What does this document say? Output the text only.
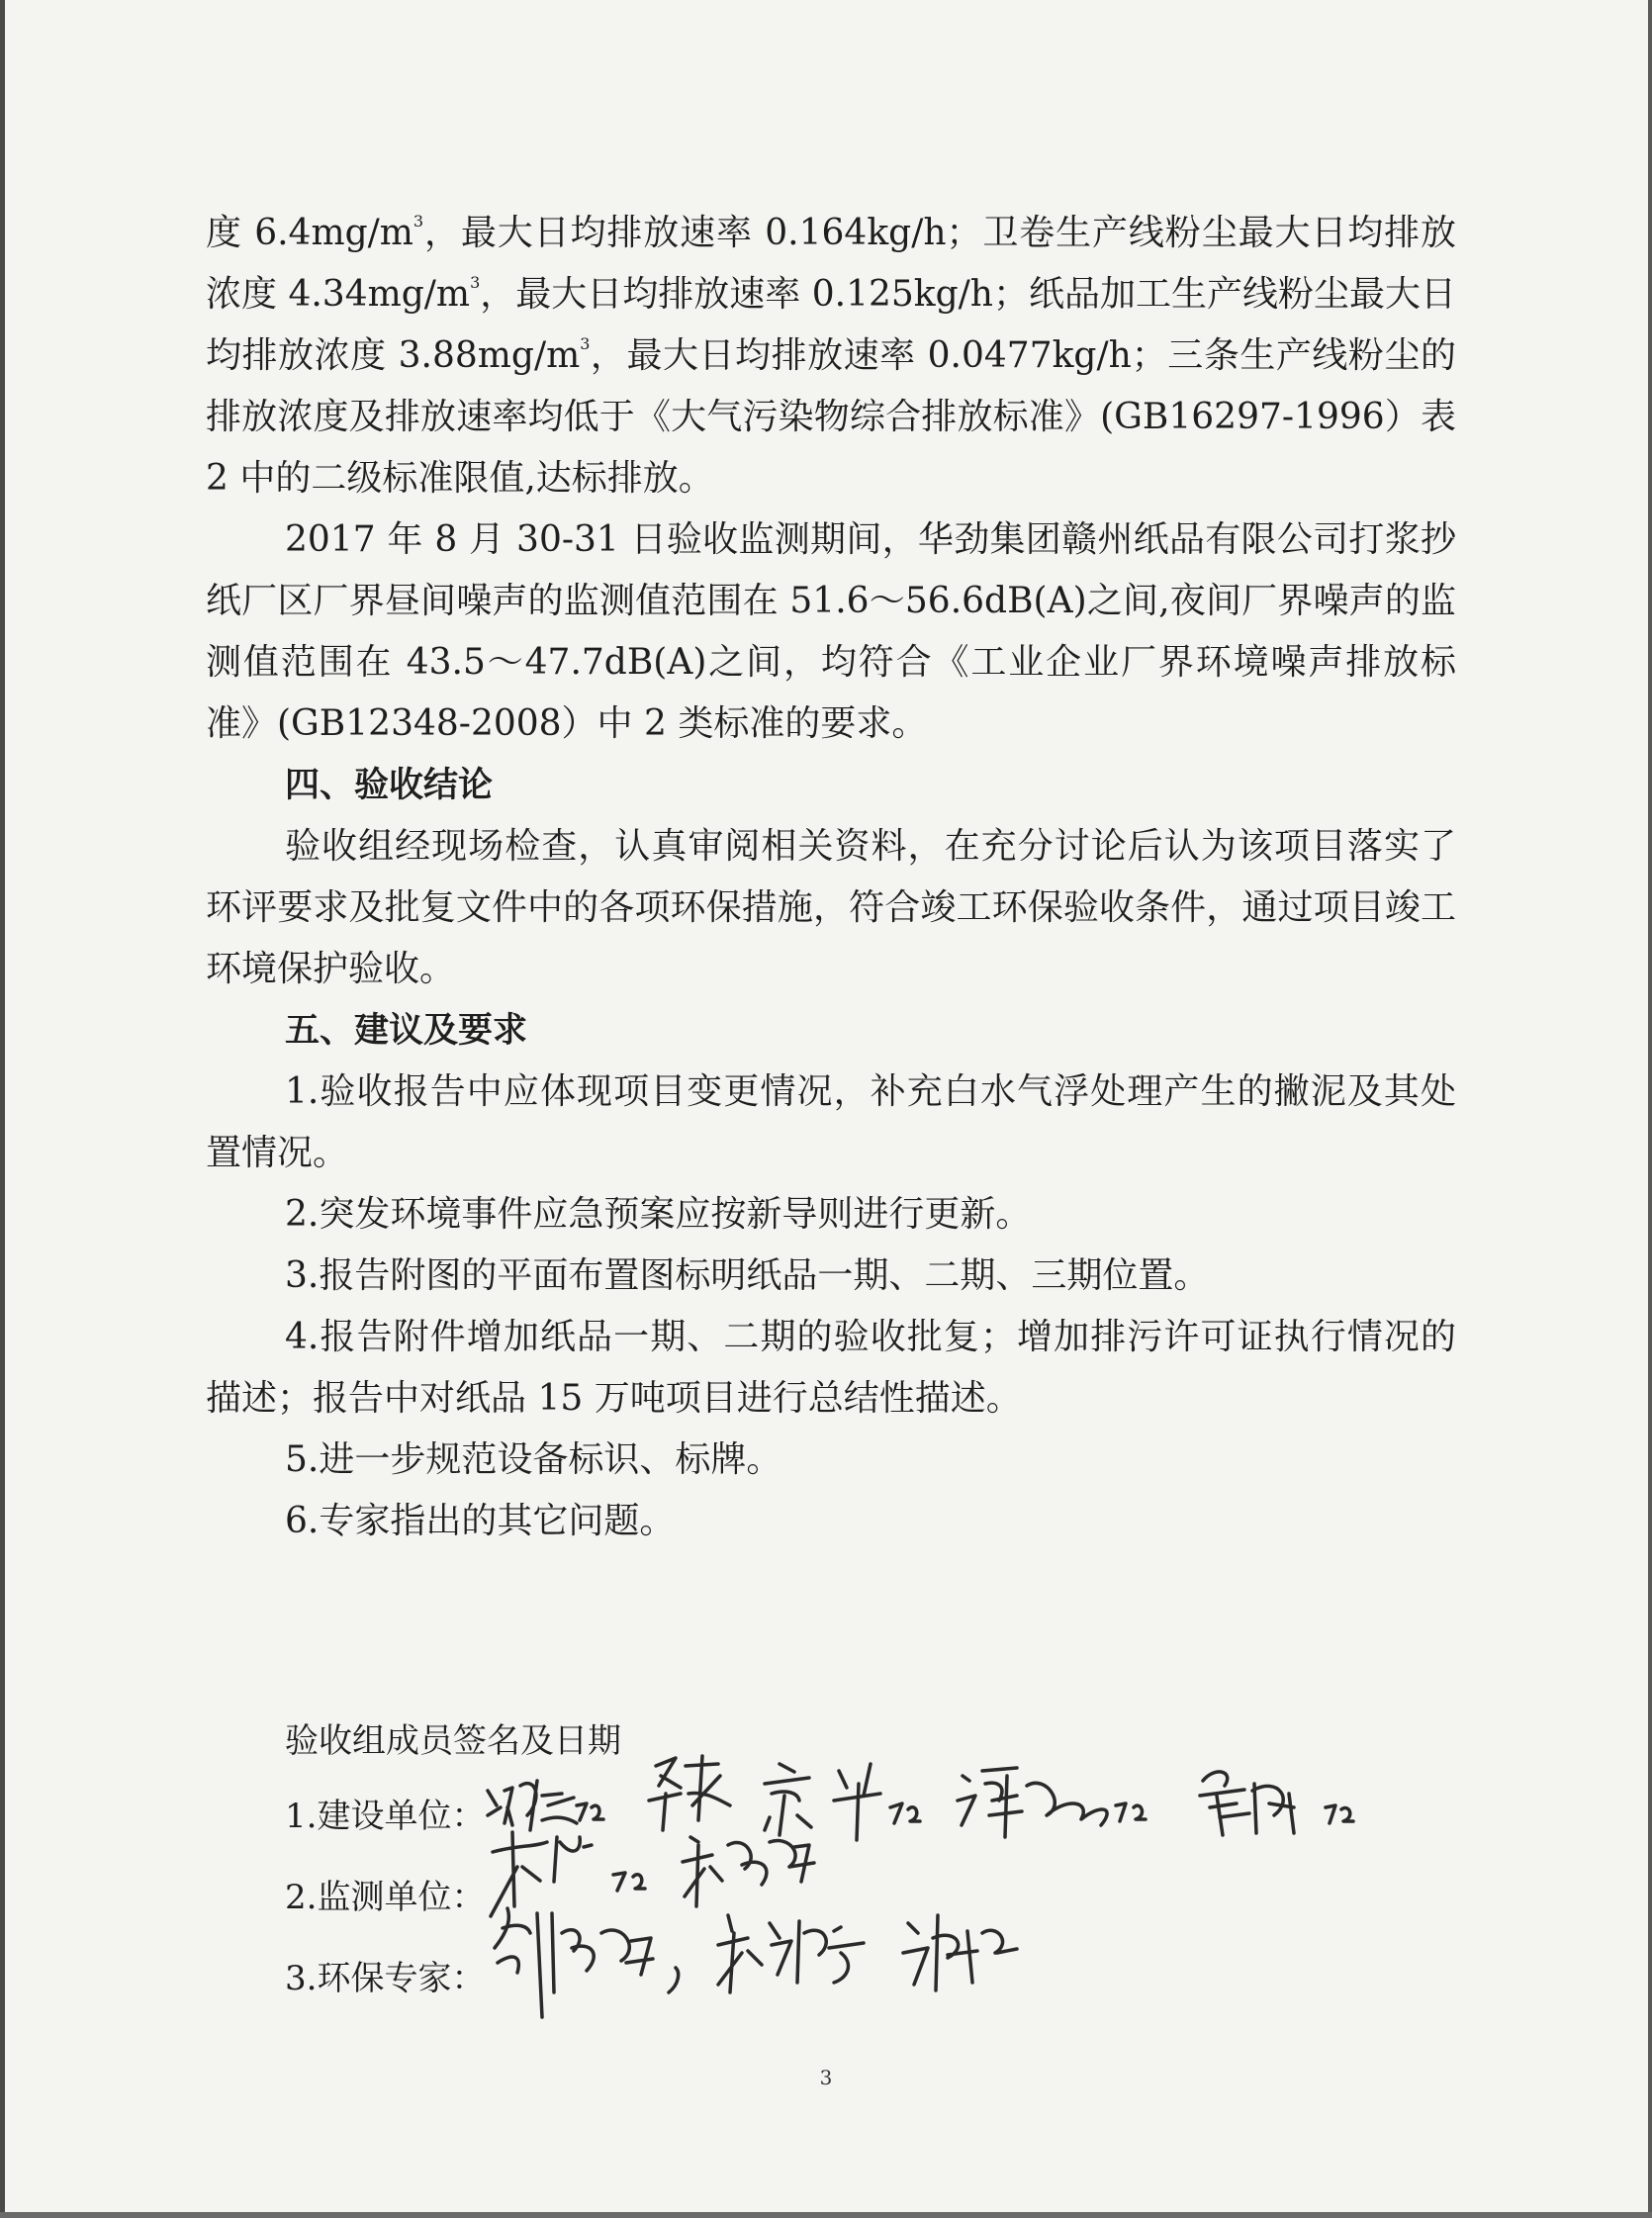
度 $6.4mg/m^3$，最大日均排放速率 0.164kg/h；卫卷生产线粉尘最大日均排放浓度 $4.34mg/m^3$，最大日均排放速率 0.125kg/h；纸品加工生产线粉尘最大日均排放浓度 $3.88mg/m^3$，最大日均排放速率 0.0477kg/h；三条生产线粉尘的排放浓度及排放速率均低于《大气污染物综合排放标准》(GB16297-1996）表 2 中的二级标准限值,达标排放。

2017 年 8 月 30-31 日验收监测期间，华劲集团赣州纸品有限公司打浆抄纸厂区厂界昼间噪声的监测值范围在 51.6～56.6dB(A)之间,夜间厂界噪声的监测值范围在 43.5～47.7dB(A)之间，均符合《工业企业厂界环境噪声排放标准》(GB12348-2008）中 2 类标准的要求。

四、验收结论

验收组经现场检查，认真审阅相关资料，在充分讨论后认为该项目落实了环评要求及批复文件中的各项环保措施，符合竣工环保验收条件，通过项目竣工环境保护验收。

五、建议及要求

1.验收报告中应体现项目变更情况，补充白水气浮处理产生的撇泥及其处置情况。

2.突发环境事件应急预案应按新导则进行更新。

3.报告附图的平面布置图标明纸品一期、二期、三期位置。

4.报告附件增加纸品一期、二期的验收批复；增加排污许可证执行情况的描述；报告中对纸品 15 万吨项目进行总结性描述。

5.进一步规范设备标识、标牌。

6.专家指出的其它问题。

验收组成员签名及日期
1.建设单位：
2.监测单位：
3.环保专家：
3
